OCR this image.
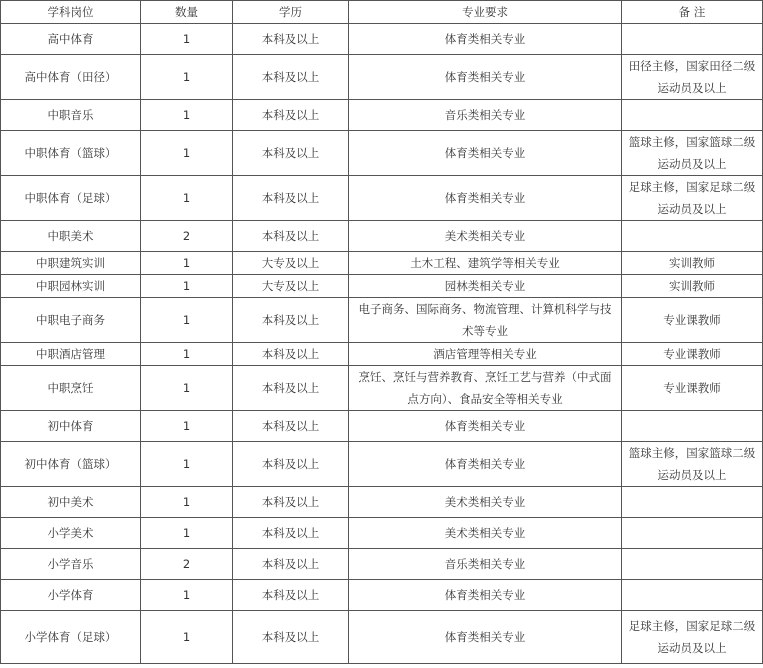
学科岗位	数量	学历	专业要求	备 注
高中体育	1	本科及以上	体育类相关专业	
高中体育（田径）	1	本科及以上	体育类相关专业	田径主修，国家田径二级运动员及以上
中职音乐	1	本科及以上	音乐类相关专业	
中职体育（篮球）	1	本科及以上	体育类相关专业	篮球主修，国家篮球二级运动员及以上
中职体育（足球）	1	本科及以上	体育类相关专业	足球主修，国家足球二级运动员及以上
中职美术	2	本科及以上	美术类相关专业	
中职建筑实训	1	大专及以上	土木工程、建筑学等相关专业	实训教师
中职园林实训	1	大专及以上	园林类相关专业	实训教师
中职电子商务	1	本科及以上	电子商务、国际商务、物流管理、计算机科学与技术等专业	专业课教师
中职酒店管理	1	本科及以上	酒店管理等相关专业	专业课教师
中职烹饪	1	本科及以上	烹饪、烹饪与营养教育、烹饪工艺与营养（中式面点方向）、食品安全等相关专业	专业课教师
初中体育	1	本科及以上	体育类相关专业	
初中体育（篮球）	1	本科及以上	体育类相关专业	篮球主修，国家篮球二级运动员及以上
初中美术	1	本科及以上	美术类相关专业	
小学美术	1	本科及以上	美术类相关专业	
小学音乐	2	本科及以上	音乐类相关专业	
小学体育	1	本科及以上	体育类相关专业	
小学体育（足球）	1	本科及以上	体育类相关专业	足球主修，国家足球二级运动员及以上
